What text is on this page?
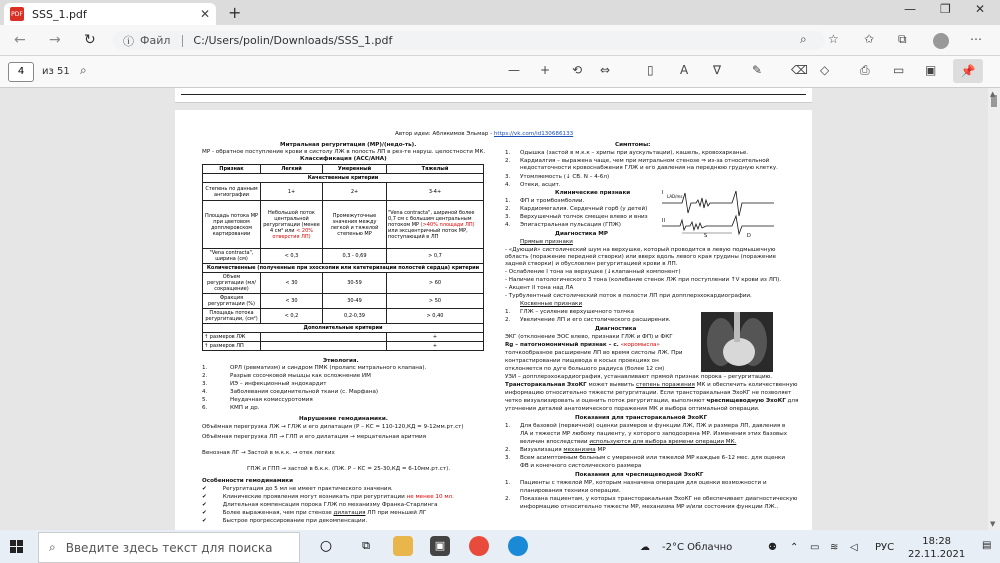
PDF SSS_1.pdf	✕ +	— ❐ ✕
← → ↻ ⓘ Файл C:/Users/polin/Downloads/SSS_1.pdf	⌕ ☆ ✩ ⧉	⋯
4	из 51 ⌕	— + ⟲ ⇔	▯ A ∇	✎ ⌫ ◇	⎙ ▭ ▣	📌
▲
▼
Автор идеи: Аблякимов Эльмар - https://vk.com/id130686133
Митральная регургитация (МР)/(недо-ть).
МР - обратное поступление крови в систолу ЛЖ в полость ЛП в рез-те наруш. целостности МК.
Классификация (АСС/АНА)
Признак	Легкий	Умеренный	Тяжелый
Качественные критерии			
Степень по данным ангиографии	1+	2+	3-4+
Площадь потока МР при цветовом допплеровском картировании	Небольшой поток центральной регургитации (менее 4 см² или < 20% отверстия ЛП)	Промежуточные значения между легкой и тяжелой степенью МР	"Vena contracta", шириной более 0,7 см с большим центральным потоком МР (>40% площади ЛП) или эксцентричный поток МР, поступающий в ЛП
"Vena contracta", ширина (см)	< 0,3	0,3 - 0,69	> 0,7
Количественные (полученные при эхоскопии или катетеризации полостей сердца) критерии			
Объем регургитации (мл/сокращение)	< 30	30-59	> 60
Фракция регургитации (%)	< 30	30-49	> 50
Площадь потока регургитации, (см²)	< 0,2	0,2-0,39	> 0,40
Дополнительные критерии			
↑ размеров ЛЖ			+
↑ размеров ЛП			+
Этиология.
1.	ОРЛ (ревматизм) и синдром ПМК (пролапс митрального клапана).
2.	Разрыв сосочковой мышцы как осложнение ИМ
3.	ИЭ – инфекционный эндокардит
4.	Заболевания соединительной ткани (с. Марфана)
5.	Неудачная комиссуротомия
6.	КМП и др.
Нарушение гемодинамики.
Объёмная перегрузка ЛЖ → ГЛЖ и его дилатация (Р – КС = 110-120,КД = 9-12мм.рт.ст)
Объёмная перегрузка ЛП → ГЛП и его дилатация → мерцательная аритмия
Венозная ЛГ → Застой в м.к.к. → отек легких
ГПЖ и ГПП → застой в б.к.к. (ПЖ. Р – КС = 25-30,КД = 6-10мм.рт.ст).
Особенности гемодинамики
✔         Регургитация до 5 мл не имеет практического значения.
✔         Клинические проявления могут возникать при регургитации не менее 10 мл.
✔         Длительная компенсация порока ГЛЖ по механизму Франка-Старлинга
✔         Более выраженная, чем при стенозе дилатация ЛП при меньшей ЛГ
✔         Быстрое прогрессирование при декомпенсации.
Симптомы:
1. Одышка (застой в м.к.к – хрипы при аускультации), кашель, кровохарканье.
2. Кардиалгия – выражена чаще, чем при митральном стенозе ⇒ из-за относительной
недостаточности кровоснабжения ГЛЖ и его давления на переднюю грудную клетку.
3. Утомляемость (↓ СВ. N – 4-6л)
4. Отеки, асцит.
Клинические признаки
1. ФП и тромбоэмболии.
2. Кардиомегалия. Сердечный горб (у детей)
3. Верхушечный толчок смещен влево и вниз
4. Эпигастральная пульсация (ГПЖ)
I
LAD/ms
II
S	D
Диагностика МР
Прямые признаки
- «Дующий» систолический шум на верхушке, который проводится в левую подмышечную
область (поражение передней створки) или вверх вдоль левого края грудины (поражение
задней створки) и обусловлен регургитацией крови в ЛП.
- Ослабление I тона на верхушке (↓клапанный компонент)
- Наличие патологического 3 тона (колебание стенок ЛЖ при поступлении ↑V крови из ЛП).
- Акцент II тона над ЛА
- Турбулентный систолический поток в полости ЛП при допплерэхокардиографии.
Косвенные признаки
1. ГЛЖ – усиление верхушечного толчка
2. Увеличение ЛП и его систолического расширения.
Диагностика
ЭКГ (отклонение ЭОС влево, признаки ГЛЖ и ФП) и ФКГ
Rg – патогномоничный признак – с. «коромысла»
толчкообразное расширение ЛП во время систолы ЛЖ. При
контрастировании пищевода в косых проекциях он
отклоняется по дуге большого радиуса (более 12 см)
УЗИ – допплерэхокардиография, устанавливают прямой признак порока – регургитацию.
Трансторакальная ЭхоКГ может выявить степень поражения МК и обеспечить количественную
информацию относительно тяжести регургитации. Если трансторакальная ЭхоКГ не позволяет
четко визуализировать и оценить поток регургитации, выполняют чреспищеводную ЭхоКГ для
уточнения деталей анатомического поражения МК и выбора оптимальной операции.
Показания для трансторакальной ЭхоКГ
1. Для базовой (первичной) оценки размеров и функции ЛЖ, ПЖ и размера ЛП, давления в
ЛА и тяжести МР любому пациенту, у которого заподозрена МР. Изменения этих базовых
величин впоследствии используются для выбора времени операции МК.
2. Визуализация механизма МР
3. Всем асимптомным больным с умеренной или тяжелой МР каждые 6–12 мес. для оценки
ФВ и конечного систолического размера
Показания для чреспищеводной ЭхоКГ
1. Пациенты с тяжелой МР, которым назначена операция для оценки возможности и
планирования техники операции.
2. Показана пациентам, у которых трансторакальная ЭхоКГ не обеспечивает диагностическую
информацию относительно тяжести МР, механизма МР и/или состояния функции ЛЖ..
⌕ Введите здесь текст для поиска	○	⧉	▣	☁ -2°C Облачно	⚉ ⌃ ▭ ≋ ◁ РУС
18:28
22.11.2021
▤
